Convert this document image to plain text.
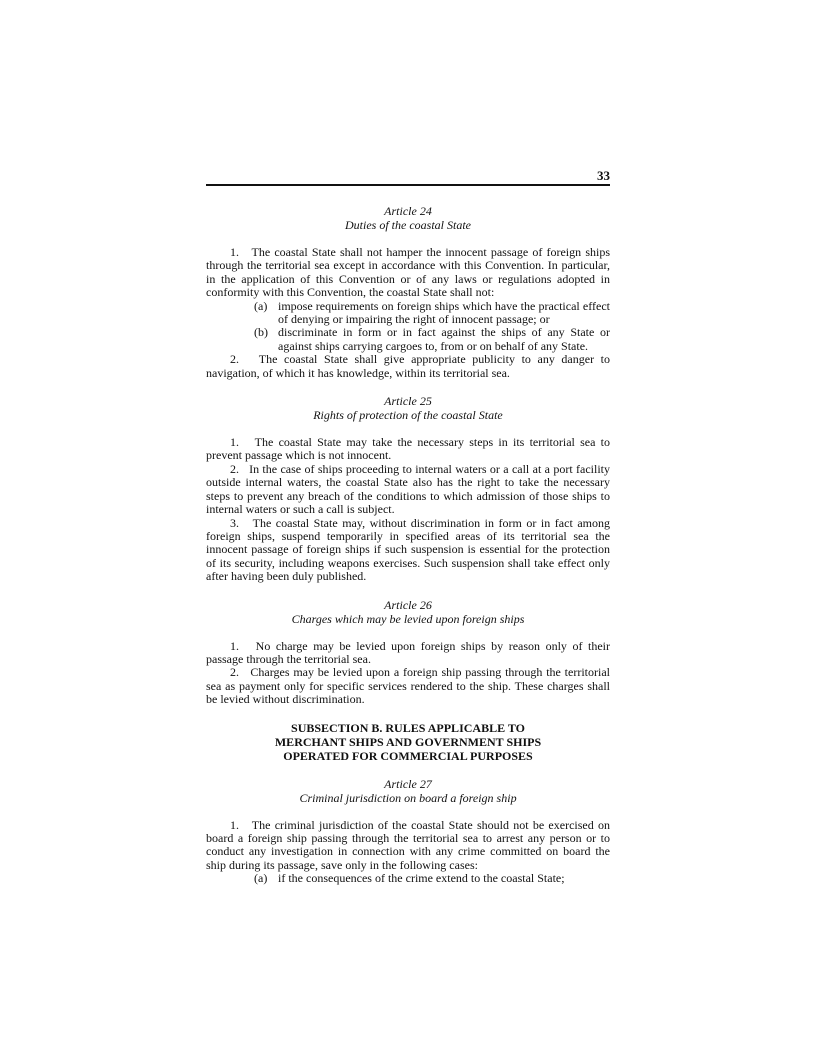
33
Article 24
Duties of the coastal State

1.   The coastal State shall not hamper the innocent passage of foreign ships through the territorial sea except in accordance with this Convention. In particular, in the application of this Convention or of any laws or regulations adopted in conformity with this Convention, the coastal State shall not:

(a) impose requirements on foreign ships which have the practical effect of denying or impairing the right of innocent passage; or
(b) discriminate in form or in fact against the ships of any State or against ships carrying cargoes to, from or on behalf of any State.

2.   The coastal State shall give appropriate publicity to any danger to navigation, of which it has knowledge, within its territorial sea.

Article 25
Rights of protection of the coastal State

1.   The coastal State may take the necessary steps in its territorial sea to prevent passage which is not innocent.

2.   In the case of ships proceeding to internal waters or a call at a port facility outside internal waters, the coastal State also has the right to take the necessary steps to prevent any breach of the conditions to which admission of those ships to internal waters or such a call is subject.

3.   The coastal State may, without discrimination in form or in fact among foreign ships, suspend temporarily in specified areas of its territorial sea the innocent passage of foreign ships if such suspension is essential for the protection of its security, including weapons exercises. Such suspension shall take effect only after having been duly published.

Article 26
Charges which may be levied upon foreign ships

1.   No charge may be levied upon foreign ships by reason only of their passage through the territorial sea.

2.   Charges may be levied upon a foreign ship passing through the territorial sea as payment only for specific services rendered to the ship. These charges shall be levied without discrimination.

SUBSECTION B. RULES APPLICABLE TO
MERCHANT SHIPS AND GOVERNMENT SHIPS
OPERATED FOR COMMERCIAL PURPOSES
Article 27
Criminal jurisdiction on board a foreign ship

1.   The criminal jurisdiction of the coastal State should not be exercised on board a foreign ship passing through the territorial sea to arrest any person or to conduct any investigation in connection with any crime committed on board the ship during its passage, save only in the following cases:

(a) if the consequences of the crime extend to the coastal State;
